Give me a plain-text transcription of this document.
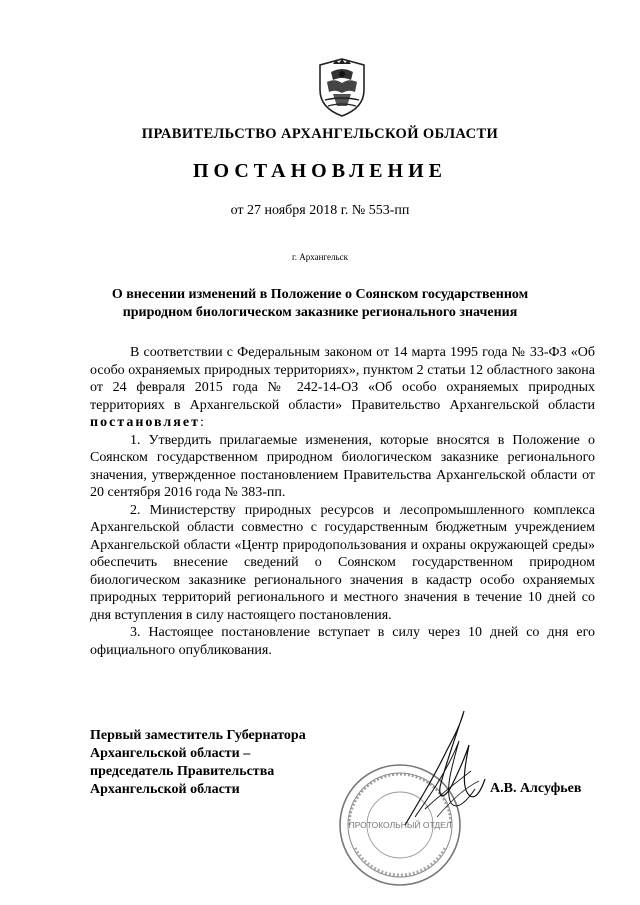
ПРАВИТЕЛЬСТВО АРХАНГЕЛЬСКОЙ ОБЛАСТИ
ПОСТАНОВЛЕНИЕ
от 27 ноября 2018 г. № 553-пп
г. Архангельск
О внесении изменений в Положение о Соянском государственном
природном биологическом заказнике регионального значения

В соответствии с Федеральным законом от 14 марта 1995 года № 33-ФЗ «Об особо охраняемых природных территориях», пунктом 2 статьи 12 областного закона от 24 февраля 2015 года № 242-14-ОЗ «Об особо охраняемых природных территориях в Архангельской области» Правительство Архангельской области постановляет:

1. Утвердить прилагаемые изменения, которые вносятся в Положение о Соянском государственном природном биологическом заказнике регионального значения, утвержденное постановлением Правительства Архангельской области от 20 сентября 2016 года № 383-пп.

2. Министерству природных ресурсов и лесопромышленного комплекса Архангельской области совместно с государственным бюджетным учреждением Архангельской области «Центр природопользования и охраны окружающей среды» обеспечить внесение сведений о Соянском государственном природном биологическом заказнике регионального значения в кадастр особо охраняемых природных территорий регионального и местного значения в течение 10 дней со дня вступления в силу настоящего постановления.

3. Настоящее постановление вступает в силу через 10 дней со дня его официального опубликования.

Первый заместитель Губернатора
Архангельской области –
председатель Правительства
Архангельской области
ПРОТОКОЛЬНЫЙ ОТДЕЛ
А.В. Алсуфьев
